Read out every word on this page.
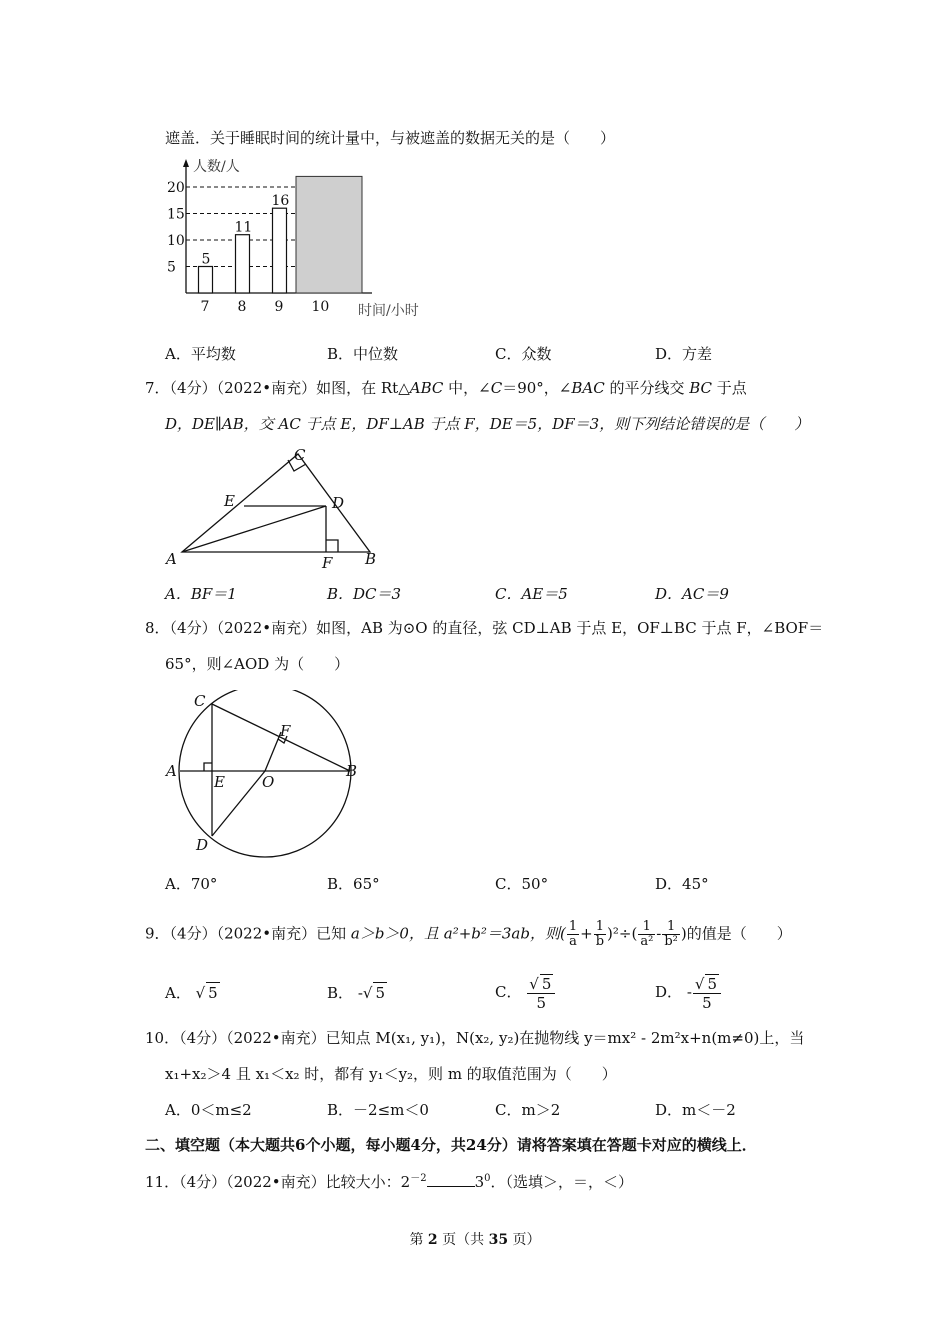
遮盖．关于睡眠时间的统计量中，与被遮盖的数据无关的是（　　）
人数/人
时间/小时
5
10
15
20
7
5
8
11
9
16
10
A．平均数	B．中位数	C．众数	D．方差
7．（4分）（2022•南充）如图，在 Rt△ABC 中，∠C＝90°，∠BAC 的平分线交 BC 于点
D，DE∥AB，交 AC 于点 E，DF⊥AB 于点 F，DE＝5，DF＝3，则下列结论错误的是（　　）
A	B
C
D
E
F
A．BF＝1	B．DC＝3	C．AE＝5	D．AC＝9
8．（4分）（2022•南充）如图，AB 为⊙O 的直径，弦 CD⊥AB 于点 E，OF⊥BC 于点 F，∠BOF＝
65°，则∠AOD 为（　　）
A	B
C
D
E
F
O
A．70°	B．65°	C．50°	D．45°
9．（4分）（2022•南充）已知 a＞b＞0，且 a²+b²＝3ab，则( $\frac{1}{a} + \frac{1}{b} )^2\div( \frac{1}{\text{a²}} - \frac{1}{\text{b²}}$ )的值是（　　）
A． √ 5	B． -√ 5	C． $\frac{√ 5}{5}$	D． - $\frac{√ 5}{5}$
10．（4分）（2022•南充）已知点 M(x₁, y₁)，N(x₂, y₂)在抛物线 y＝mx² - 2m²x+n(m≠0)上，当
x₁+x₂＞4 且 x₁＜x₂ 时，都有 y₁＜y₂，则 m 的取值范围为（　　）
A．0＜m≤2	B．－2≤m＜0	C．m＞2	D．m＜－2
二、填空题（本大题共6个小题，每小题4分，共24分）请将答案填在答题卡对应的横线上．
11．（4分）（2022•南充）比较大小：$2^{-2}$	$3^0$．（选填＞，＝，＜）
第 2 页（共 35 页）
